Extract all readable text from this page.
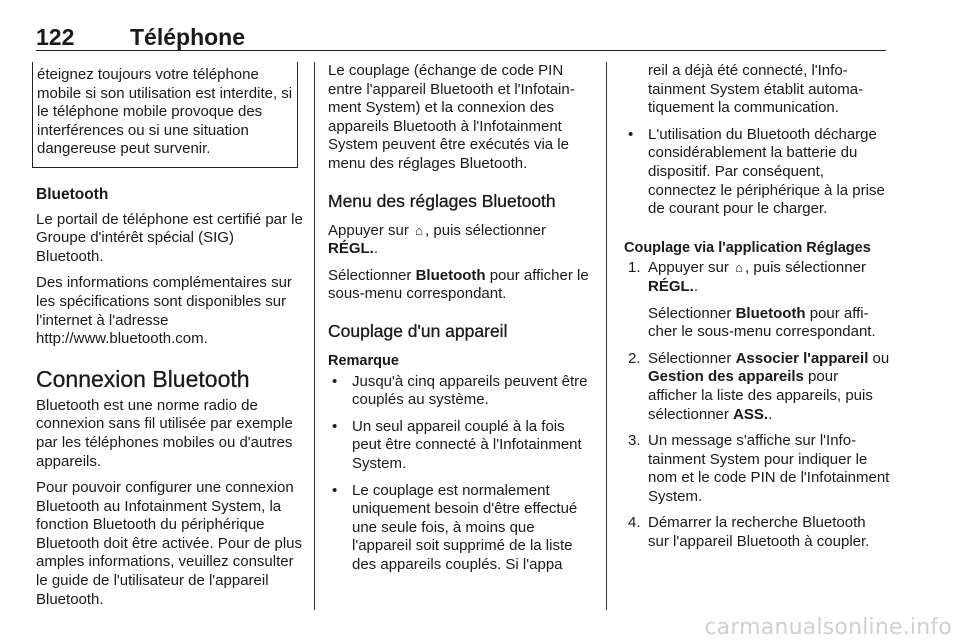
122 Téléphone

éteignez toujours votre téléphone mobile si son utilisation est interdite, si le téléphone mobile provoque des interférences ou si une situation dangereuse peut survenir.

Bluetooth

Le portail de téléphone est certifié par le Groupe d'intérêt spécial (SIG) Bluetooth.

Des informations complémentaires sur les spécifications sont disponibles sur l'internet à l'adresse

http://www.bluetooth.com.

Connexion Bluetooth

Bluetooth est une norme radio de connexion sans fil utilisée par exemple par les téléphones mobiles ou d'autres appareils.

Pour pouvoir configurer une connexion Bluetooth au Infotainment System, la fonction Bluetooth du périphérique Bluetooth doit être activée. Pour de plus amples informations, veuillez consulter le guide de l'utilisateur de l'appareil Bluetooth.

Le couplage (échange de code PIN entre l'appareil Bluetooth et l'Infotainment System) et la connexion des appareils Bluetooth à l'Infotainment System peuvent être exécutés via le menu des réglages Bluetooth.

Menu des réglages Bluetooth

Appuyer sur ⌂ , puis sélectionner
RÉGL..

Sélectionner Bluetooth pour afficher le sous-menu correspondant.

Couplage d'un appareil
Remarque
• Jusqu'à cinq appareils peuvent être couplés au système.
• Un seul appareil couplé à la fois peut être connecté à l'Infotainment System.
• Le couplage est normalement uniquement besoin d'être effectué une seule fois, à moins que l'appareil soit supprimé de la liste des appareils couplés. Si l'appa

reil a déjà été connecté, l'Infotainment System établit automatiquement la communication.

• L'utilisation du Bluetooth décharge considérablement la batterie du dispositif. Par conséquent, connectez le périphérique à la prise de courant pour le charger.
Couplage via l'application Réglages
1. Appuyer sur ⌂ , puis sélectionner RÉGL..

Sélectionner Bluetooth pour afficher le sous-menu correspondant.

2. Sélectionner Associer l'appareil ou Gestion des appareils pour afficher la liste des appareils, puis sélectionner ASS..

3. Un message s'affiche sur l'Infotainment System pour indiquer le nom et le code PIN de l'Infotainment System.

4. Démarrer la recherche Bluetooth sur l'appareil Bluetooth à coupler.

carmanualsonline.info
